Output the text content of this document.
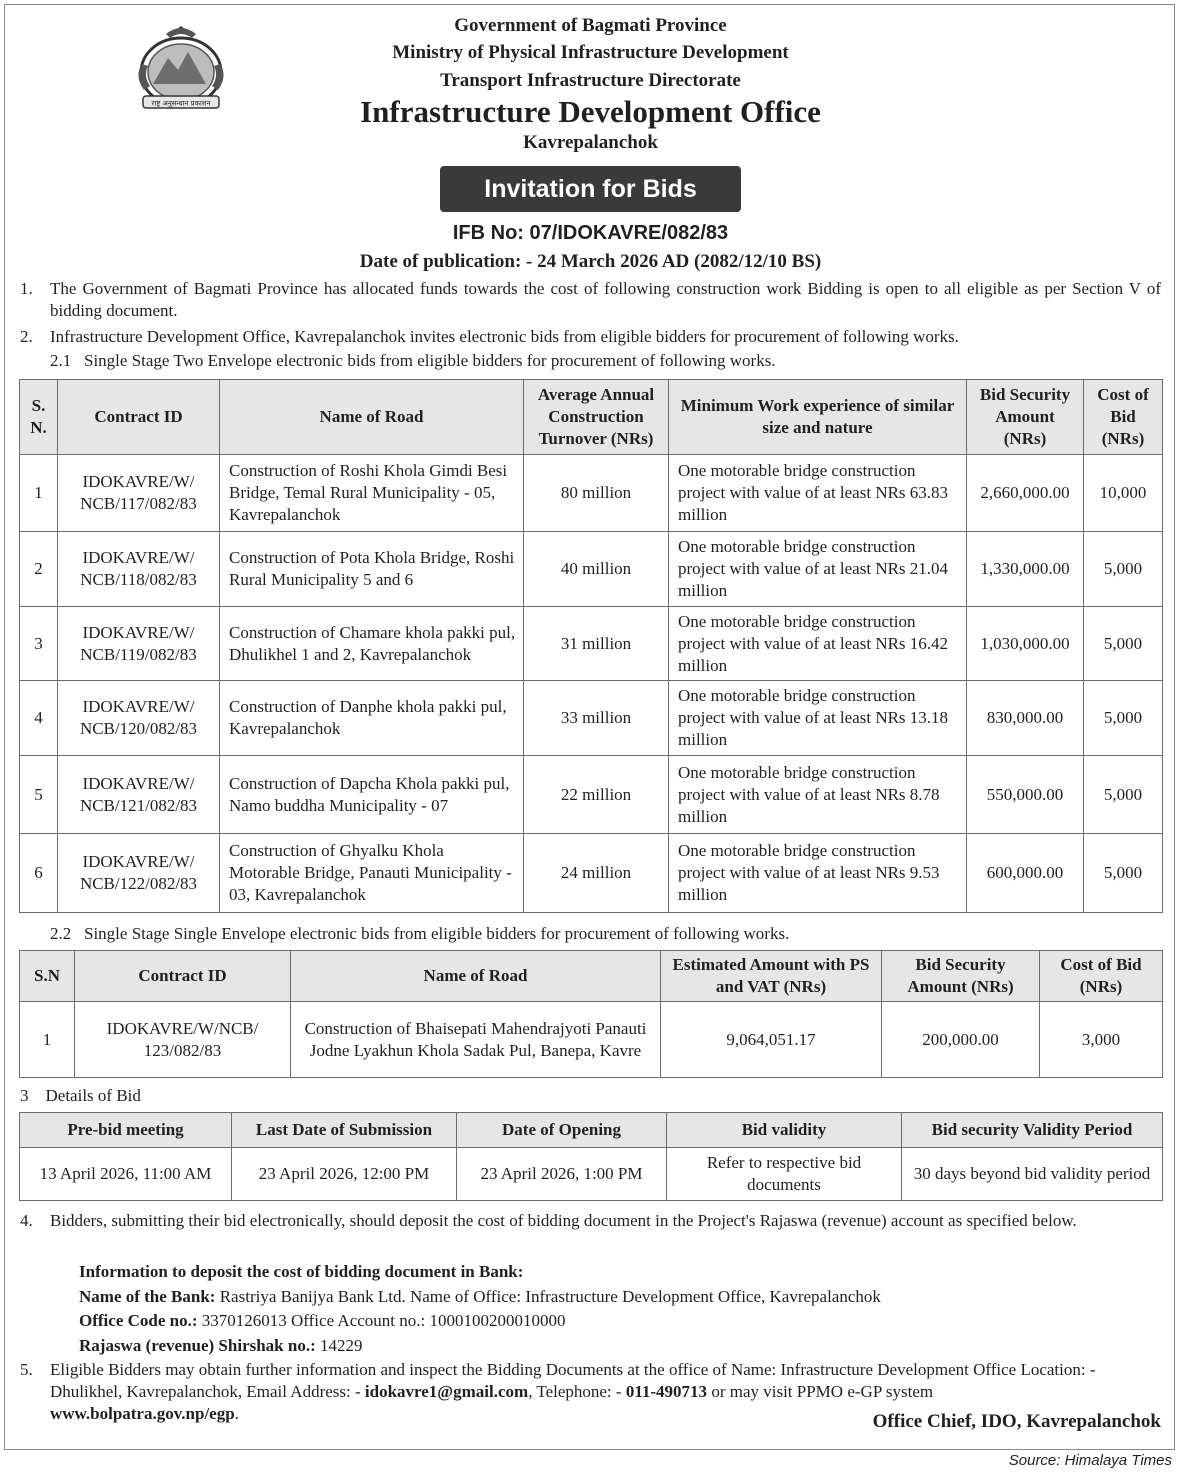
राष्ट्र अनुसन्धान प्रकाशन
Government of Bagmati Province
Ministry of Physical Infrastructure Development
Transport Infrastructure Directorate
Infrastructure Development Office
Kavrepalanchok
Invitation for Bids
IFB No: 07/IDOKAVRE/082/83
Date of publication: - 24 March 2026 AD (2082/12/10 BS)
1. The Government of Bagmati Province has allocated funds towards the cost of following construction work Bidding is open to all eligible as per Section V of bidding document.
2. Infrastructure Development Office, Kavrepalanchok invites electronic bids from eligible bidders for procurement of following works.
2.1 Single Stage Two Envelope electronic bids from eligible bidders for procurement of following works.
S. N.	Contract ID	Name of Road	Average Annual Construction Turnover (NRs)	Minimum Work experience of similar size and nature	Bid Security Amount (NRs)	Cost of Bid (NRs)
1	IDOKAVRE/W/ NCB/117/082/83	Construction of Roshi Khola Gimdi Besi Bridge, Temal Rural Municipality - 05, Kavrepalanchok	80 million	One motorable bridge construction project with value of at least NRs 63.83 million	2,660,000.00	10,000
2	IDOKAVRE/W/ NCB/118/082/83	Construction of Pota Khola Bridge, Roshi Rural Municipality 5 and 6	40 million	One motorable bridge construction project with value of at least NRs 21.04 million	1,330,000.00	5,000
3	IDOKAVRE/W/ NCB/119/082/83	Construction of Chamare khola pakki pul, Dhulikhel 1 and 2, Kavrepalanchok	31 million	One motorable bridge construction project with value of at least NRs 16.42 million	1,030,000.00	5,000
4	IDOKAVRE/W/ NCB/120/082/83	Construction of Danphe khola pakki pul, Kavrepalanchok	33 million	One motorable bridge construction project with value of at least NRs 13.18 million	830,000.00	5,000
5	IDOKAVRE/W/ NCB/121/082/83	Construction of Dapcha Khola pakki pul, Namo buddha Municipality - 07	22 million	One motorable bridge construction project with value of at least NRs 8.78 million	550,000.00	5,000
6	IDOKAVRE/W/ NCB/122/082/83	Construction of Ghyalku Khola Motorable Bridge, Panauti Municipality - 03, Kavrepalanchok	24 million	One motorable bridge construction project with value of at least NRs 9.53 million	600,000.00	5,000
2.2 Single Stage Single Envelope electronic bids from eligible bidders for procurement of following works.
S.N	Contract ID	Name of Road	Estimated Amount with PS and VAT (NRs)	Bid Security Amount (NRs)	Cost of Bid (NRs)
1	IDOKAVRE/W/NCB/ 123/082/83	Construction of Bhaisepati Mahendrajyoti Panauti Jodne Lyakhun Khola Sadak Pul, Banepa, Kavre	9,064,051.17	200,000.00	3,000
3 Details of Bid
Pre-bid meeting	Last Date of Submission	Date of Opening	Bid validity	Bid security Validity Period
13 April 2026, 11:00 AM	23 April 2026, 12:00 PM	23 April 2026, 1:00 PM	Refer to respective bid documents	30 days beyond bid validity period
4. Bidders, submitting their bid electronically, should deposit the cost of bidding document in the Project's Rajaswa (revenue) account as specified below.
Information to deposit the cost of bidding document in Bank:
Name of the Bank: Rastriya Banijya Bank Ltd. Name of Office: Infrastructure Development Office, Kavrepalanchok
Office Code no.: 3370126013 Office Account no.: 1000100200010000
Rajaswa (revenue) Shirshak no.: 14229
5. Eligible Bidders may obtain further information and inspect the Bidding Documents at the office of Name: Infrastructure Development Office Location: -Dhulikhel, Kavrepalanchok, Email Address: - idokavre1@gmail.com, Telephone: - 011-490713 or may visit PPMO e-GP system
www.bolpatra.gov.np/egp.	Office Chief, IDO, Kavrepalanchok
Source: Himalaya Times
